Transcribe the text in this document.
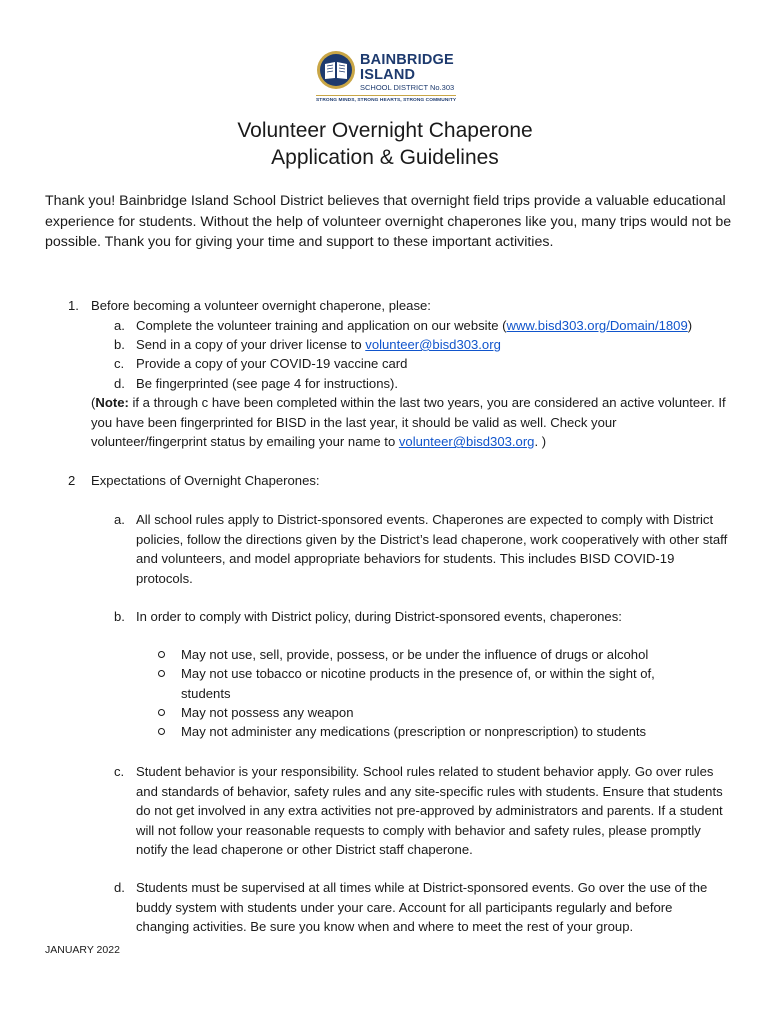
BAINBRIDGE
ISLAND
SCHOOL DISTRICT No.303
STRONG MINDS, STRONG HEARTS, STRONG COMMUNITY
Volunteer Overnight Chaperone
Application & Guidelines

Thank you! Bainbridge Island School District believes that overnight field trips provide a valuable educational experience for students. Without the help of volunteer overnight chaperones like you, many trips would not be possible. Thank you for giving your time and support to these important activities.

1. Before becoming a volunteer overnight chaperone, please:
a. Complete the volunteer training and application on our website (www.bisd303.org/Domain/1809)
b. Send in a copy of your driver license to volunteer@bisd303.org
c. Provide a copy of your COVID-19 vaccine card
d. Be fingerprinted (see page 4 for instructions).

(Note: if a through c have been completed within the last two years, you are considered an active volunteer. If you have been fingerprinted for BISD in the last year, it should be valid as well. Check your volunteer/fingerprint status by emailing your name to volunteer@bisd303.org. )

2 Expectations of Overnight Chaperones:
a. All school rules apply to District-sponsored events. Chaperones are expected to comply with District policies, follow the directions given by the District’s lead chaperone, work cooperatively with other staff and volunteers, and model appropriate behaviors for students. This includes BISD COVID-19 protocols.

b. In order to comply with District policy, during District-sponsored events, chaperones:
May not use, sell, provide, possess, or be under the influence of drugs or alcohol

May not use tobacco or nicotine products in the presence of, or within the sight of, students

May not possess any weapon
May not administer any medications (prescription or nonprescription) to students
c. Student behavior is your responsibility. School rules related to student behavior apply. Go over rules and standards of behavior, safety rules and any site-specific rules with students. Ensure that students do not get involved in any extra activities not pre-approved by administrators and parents. If a student will not follow your reasonable requests to comply with behavior and safety rules, please promptly notify the lead chaperone or other District staff chaperone.

d. Students must be supervised at all times while at District-sponsored events. Go over the use of the buddy system with students under your care. Account for all participants regularly and before changing activities. Be sure you know when and where to meet the rest of your group.

JANUARY 2022
